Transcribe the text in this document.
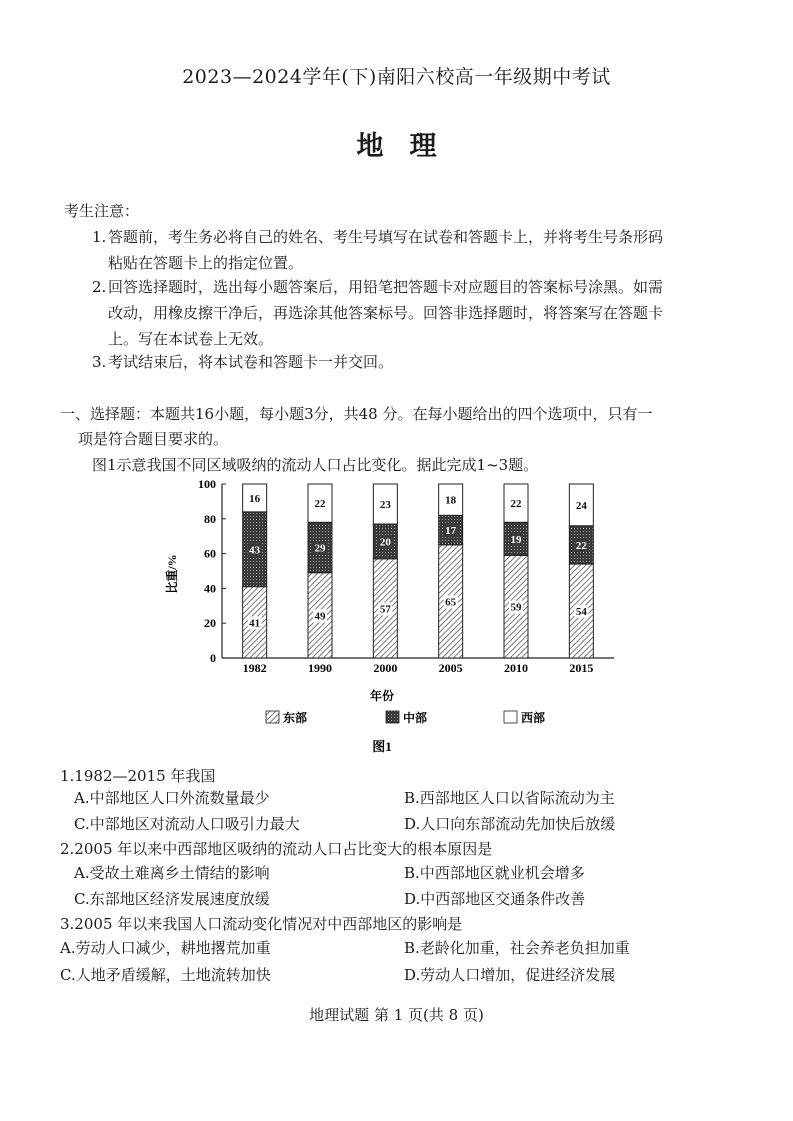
2023—2024学年(下)南阳六校高一年级期中考试
地理
考生注意：
1. 答题前，考生务必将自己的姓名、考生号填写在试卷和答题卡上，并将考生号条形码
粘贴在答题卡上的指定位置。
2. 回答选择题时，选出每小题答案后，用铅笔把答题卡对应题目的答案标号涂黑。如需
改动，用橡皮擦干净后，再选涂其他答案标号。回答非选择题时，将答案写在答题卡
上。写在本试卷上无效。
3. 考试结束后，将本试卷和答题卡一并交回。
一、选择题：本题共16小题，每小题3分，共48 分。在每小题给出的四个选项中，只有一
项是符合题目要求的。
图1示意我国不同区域吸纳的流动人口占比变化。据此完成1~3题。
0
20
40
60
80
100
41
43
16
1982
49
29
22
1990
57
20
23
2000
65
17
18
2005
59
19
22
2010
54
22
24
2015
比重/%
年份
东部	中部	西部
图1
1.1982—2015 年我国
A.中部地区人口外流数量最少	B.西部地区人口以省际流动为主
C.中部地区对流动人口吸引力最大	D.人口向东部流动先加快后放缓
2.2005 年以来中西部地区吸纳的流动人口占比变大的根本原因是
A.受故土难离乡土情结的影响	B.中西部地区就业机会增多
C.东部地区经济发展速度放缓	D.中西部地区交通条件改善
3.2005 年以来我国人口流动变化情况对中西部地区的影响是
A.劳动人口减少，耕地撂荒加重	B.老龄化加重，社会养老负担加重
C.人地矛盾缓解，土地流转加快	D.劳动人口增加，促进经济发展
地理试题 第 1 页(共 8 页)
